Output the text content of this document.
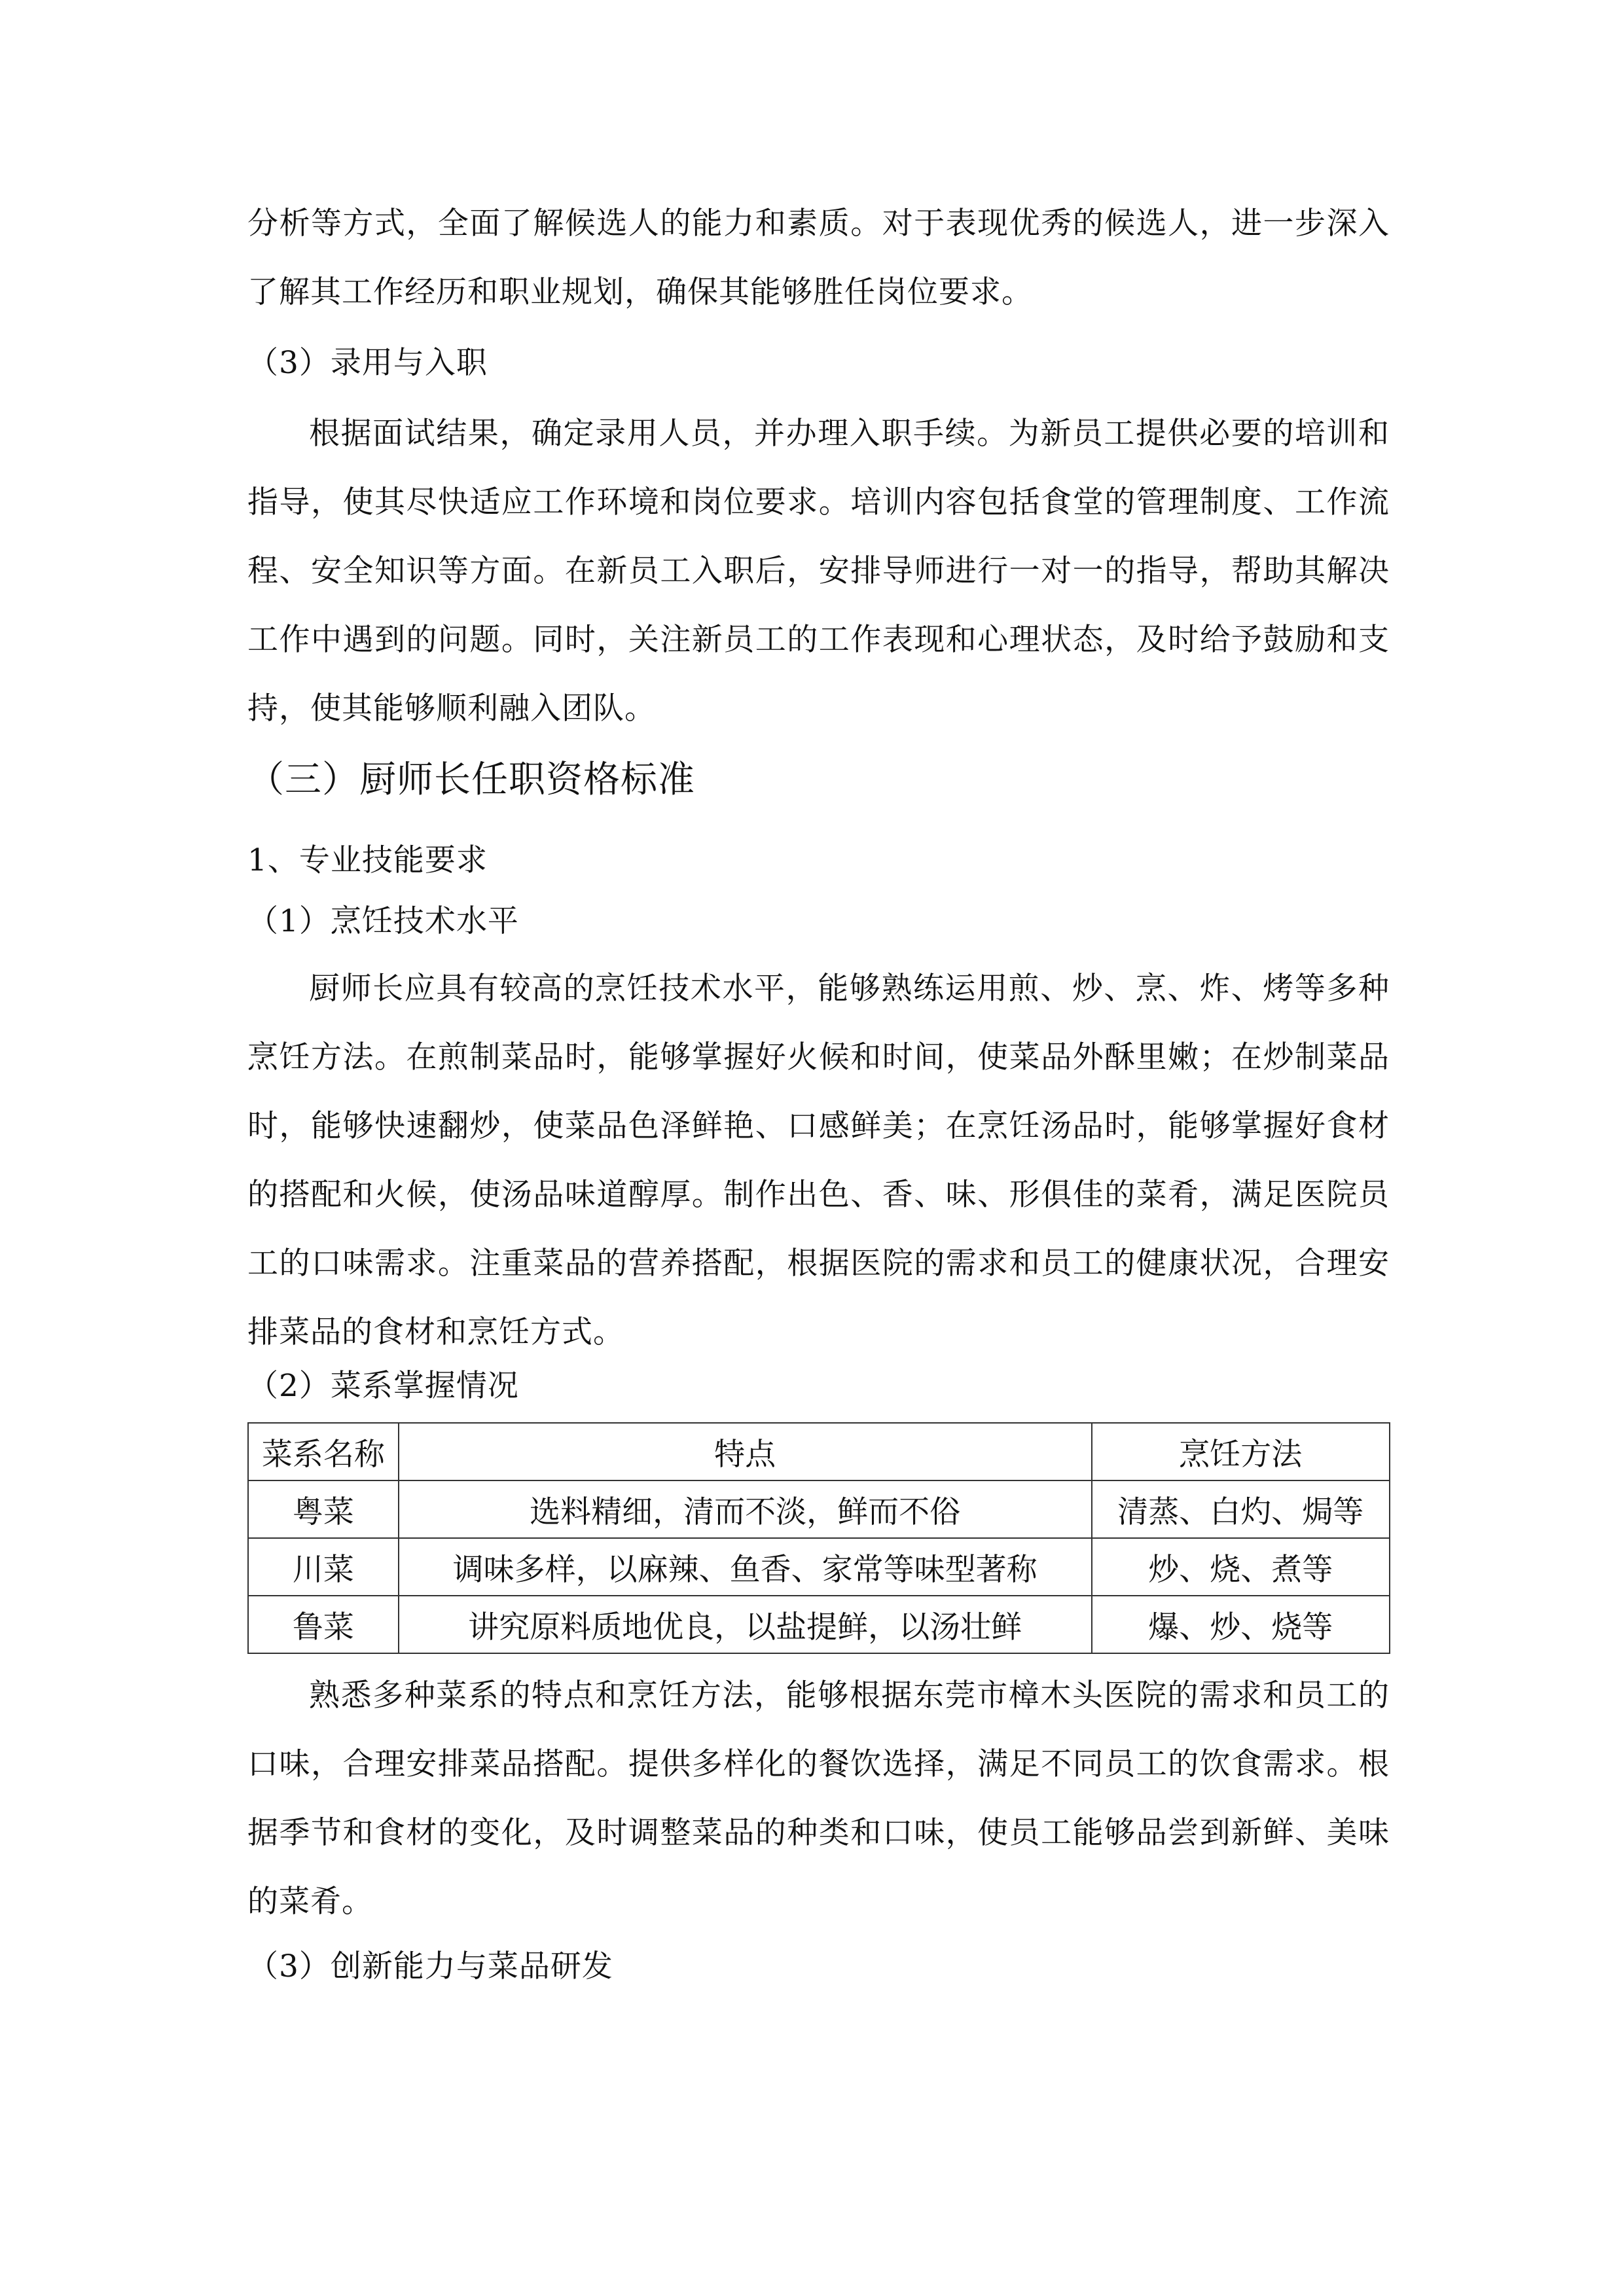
分析等方式，全面了解候选人的能力和素质。对于表现优秀的候选人，进一步深入了解其工作经历和职业规划，确保其能够胜任岗位要求。

（3）录用与入职

根据面试结果，确定录用人员，并办理入职手续。为新员工提供必要的培训和指导，使其尽快适应工作环境和岗位要求。培训内容包括食堂的管理制度、工作流程、安全知识等方面。在新员工入职后，安排导师进行一对一的指导，帮助其解决工作中遇到的问题。同时，关注新员工的工作表现和心理状态，及时给予鼓励和支持，使其能够顺利融入团队。

（三）厨师长任职资格标准

1、专业技能要求

（1）烹饪技术水平

厨师长应具有较高的烹饪技术水平，能够熟练运用煎、炒、烹、炸、烤等多种烹饪方法。在煎制菜品时，能够掌握好火候和时间，使菜品外酥里嫩；在炒制菜品时，能够快速翻炒，使菜品色泽鲜艳、口感鲜美；在烹饪汤品时，能够掌握好食材的搭配和火候，使汤品味道醇厚。制作出色、香、味、形俱佳的菜肴，满足医院员工的口味需求。注重菜品的营养搭配，根据医院的需求和员工的健康状况，合理安排菜品的食材和烹饪方式。

（2）菜系掌握情况

菜系名称	特点	烹饪方法
粤菜	选料精细，清而不淡，鲜而不俗	清蒸、白灼、焗等
川菜	调味多样，以麻辣、鱼香、家常等味型著称	炒、烧、煮等
鲁菜	讲究原料质地优良，以盐提鲜，以汤壮鲜	爆、炒、烧等

熟悉多种菜系的特点和烹饪方法，能够根据东莞市樟木头医院的需求和员工的口味，合理安排菜品搭配。提供多样化的餐饮选择，满足不同员工的饮食需求。根据季节和食材的变化，及时调整菜品的种类和口味，使员工能够品尝到新鲜、美味的菜肴。

（3）创新能力与菜品研发
